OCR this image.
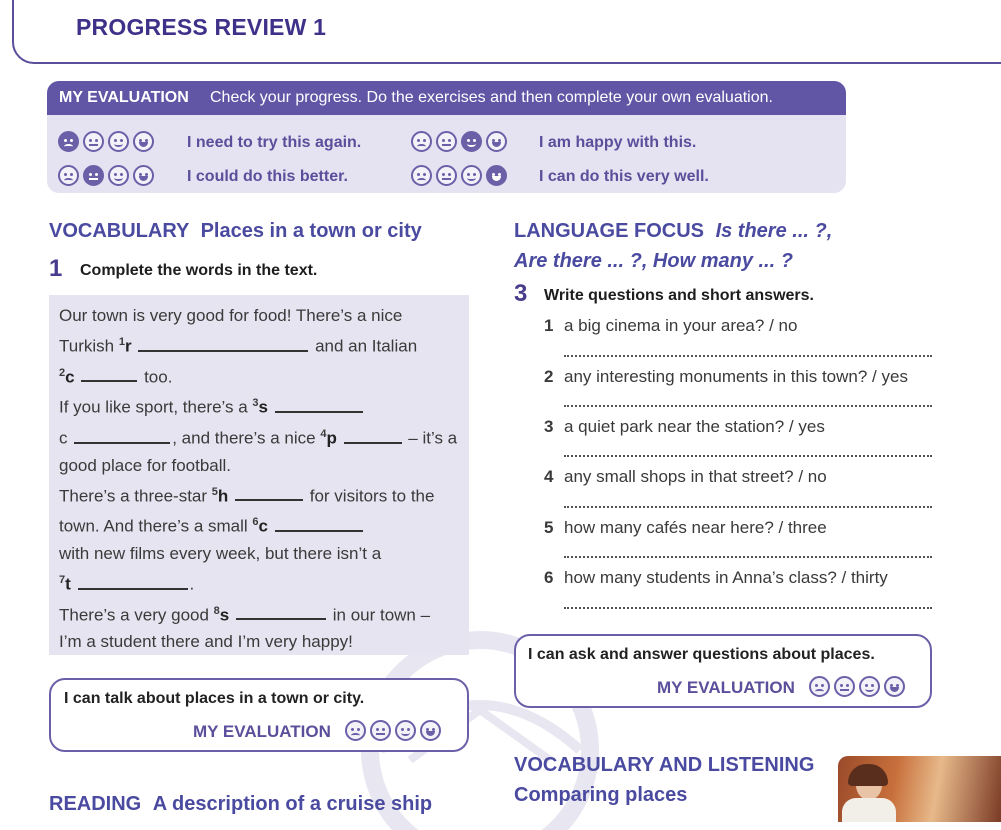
PROGRESS REVIEW 1
MY EVALUATION Check your progress. Do the exercises and then complete your own evaluation.
I need to try this again.
I could do this better.
I am happy with this.
I can do this very well.
VOCABULARY Places in a town or city
1 Complete the words in the text.

Our town is very good for food! There’s a nice

Turkish $^1$r	and an Italian

$^2$c	too.

If you like sport, there’s a $^3$s

c	, and there’s a nice $^4$p	– it’s a

good place for football.

There’s a three-star $^5$h	for visitors to the

town. And there’s a small $^6$c

with new films every week, but there isn’t a

$^7$t	.

There’s a very good $^8$s	in our town –

I’m a student there and I’m very happy!

I can talk about places in a town or city.
MY EVALUATION
READING A description of a cruise ship
LANGUAGE FOCUS Is there ... ?,
Are there ... ?, How many ... ?
3 Write questions and short answers.
1 a big cinema in your area? / no
2 any interesting monuments in this town? / yes
3 a quiet park near the station? / yes
4 any small shops in that street? / no
5 how many cafés near here? / three
6 how many students in Anna’s class? / thirty
I can ask and answer questions about places.
MY EVALUATION
VOCABULARY AND LISTENING
Comparing places
